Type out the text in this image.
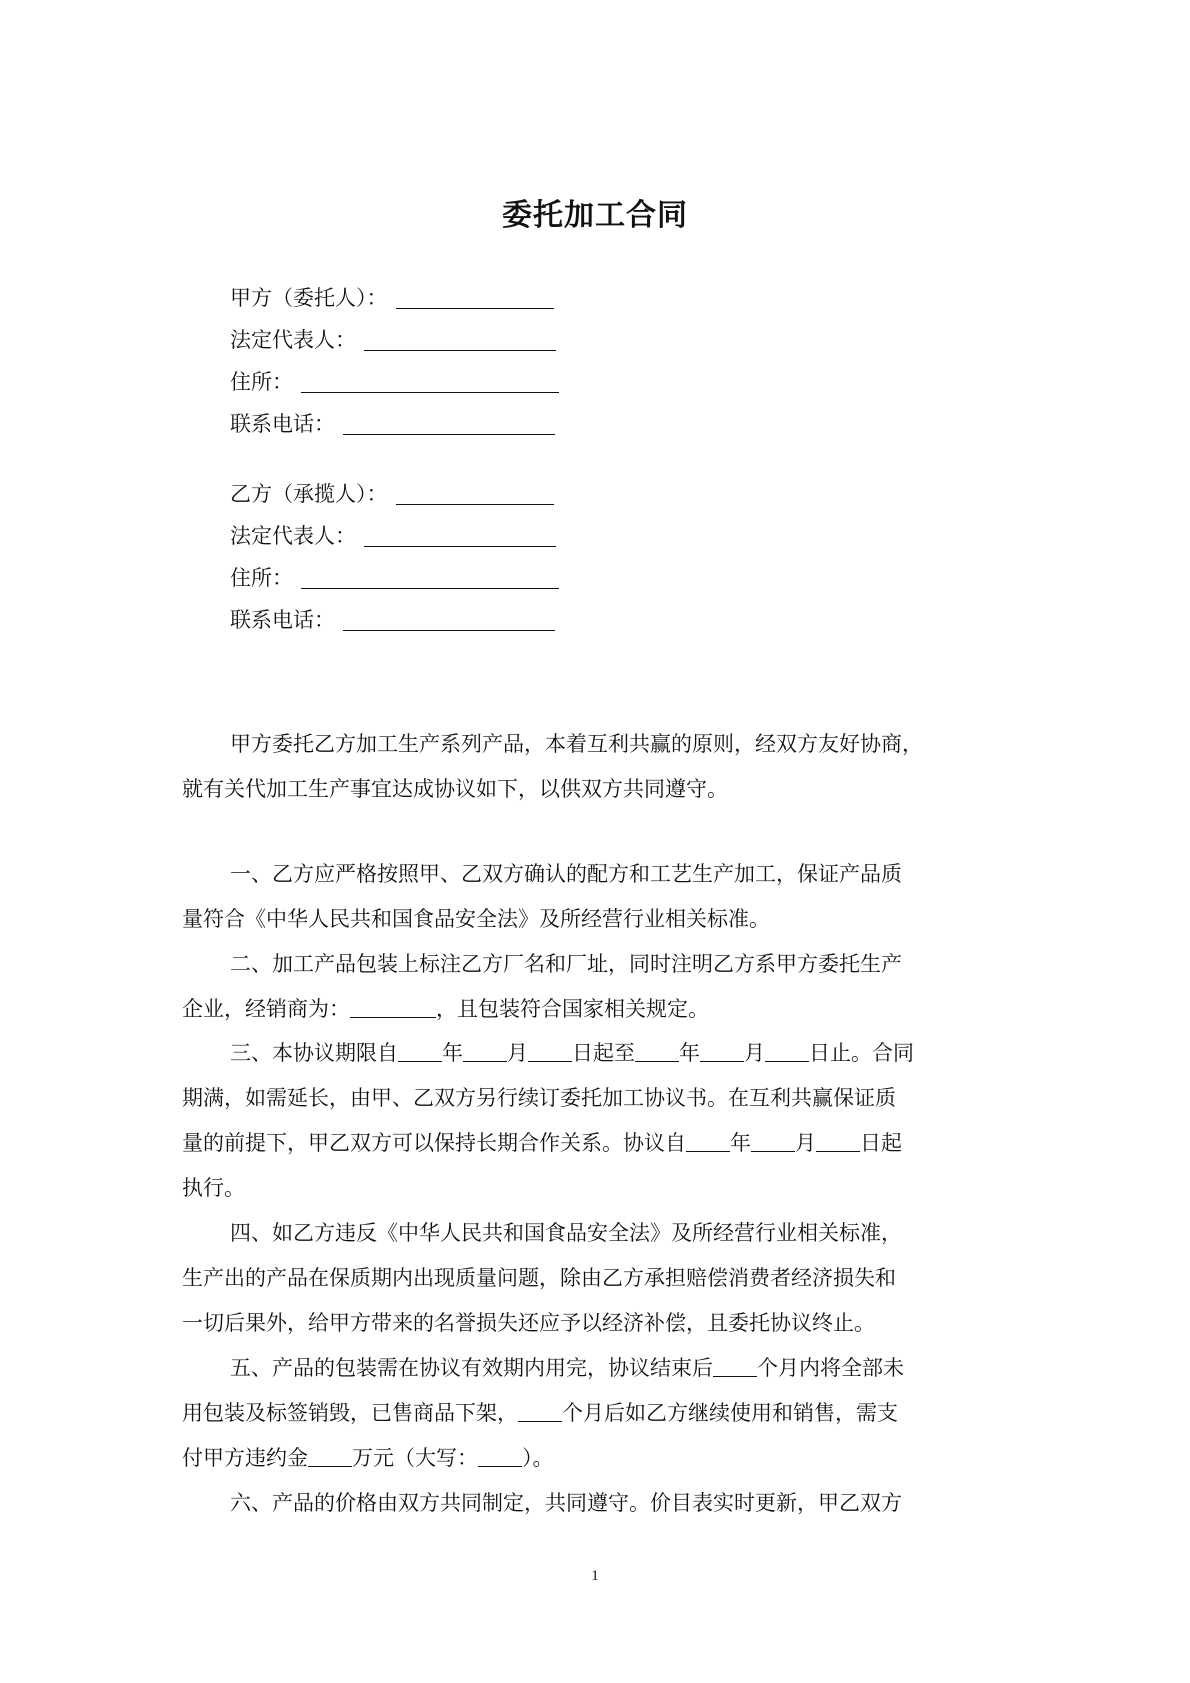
委托加工合同
甲方（委托人）：
法定代表人：
住所：
联系电话：
乙方（承揽人）：
法定代表人：
住所：
联系电话：
甲方委托乙方加工生产系列产品，本着互利共赢的原则，经双方友好协商，
就有关代加工生产事宜达成协议如下，以供双方共同遵守。
一、乙方应严格按照甲、乙双方确认的配方和工艺生产加工，保证产品质
量符合《中华人民共和国食品安全法》及所经营行业相关标准。
二、加工产品包装上标注乙方厂名和厂址，同时注明乙方系甲方委托生产
企业，经销商为：	，且包装符合国家相关规定。
三、本协议期限自 年 月 日起至 年 月 日止。合同
期满，如需延长，由甲、乙双方另行续订委托加工协议书。在互利共赢保证质
量的前提下，甲乙双方可以保持长期合作关系。协议自 年 月 日起
执行。
四、如乙方违反《中华人民共和国食品安全法》及所经营行业相关标准，
生产出的产品在保质期内出现质量问题，除由乙方承担赔偿消费者经济损失和
一切后果外，给甲方带来的名誉损失还应予以经济补偿，且委托协议终止。
五、产品的包装需在协议有效期内用完，协议结束后 个月内将全部未
用包装及标签销毁，已售商品下架， 个月后如乙方继续使用和销售，需支
付甲方违约金 万元（大写： ）。
六、产品的价格由双方共同制定，共同遵守。价目表实时更新，甲乙双方
1
